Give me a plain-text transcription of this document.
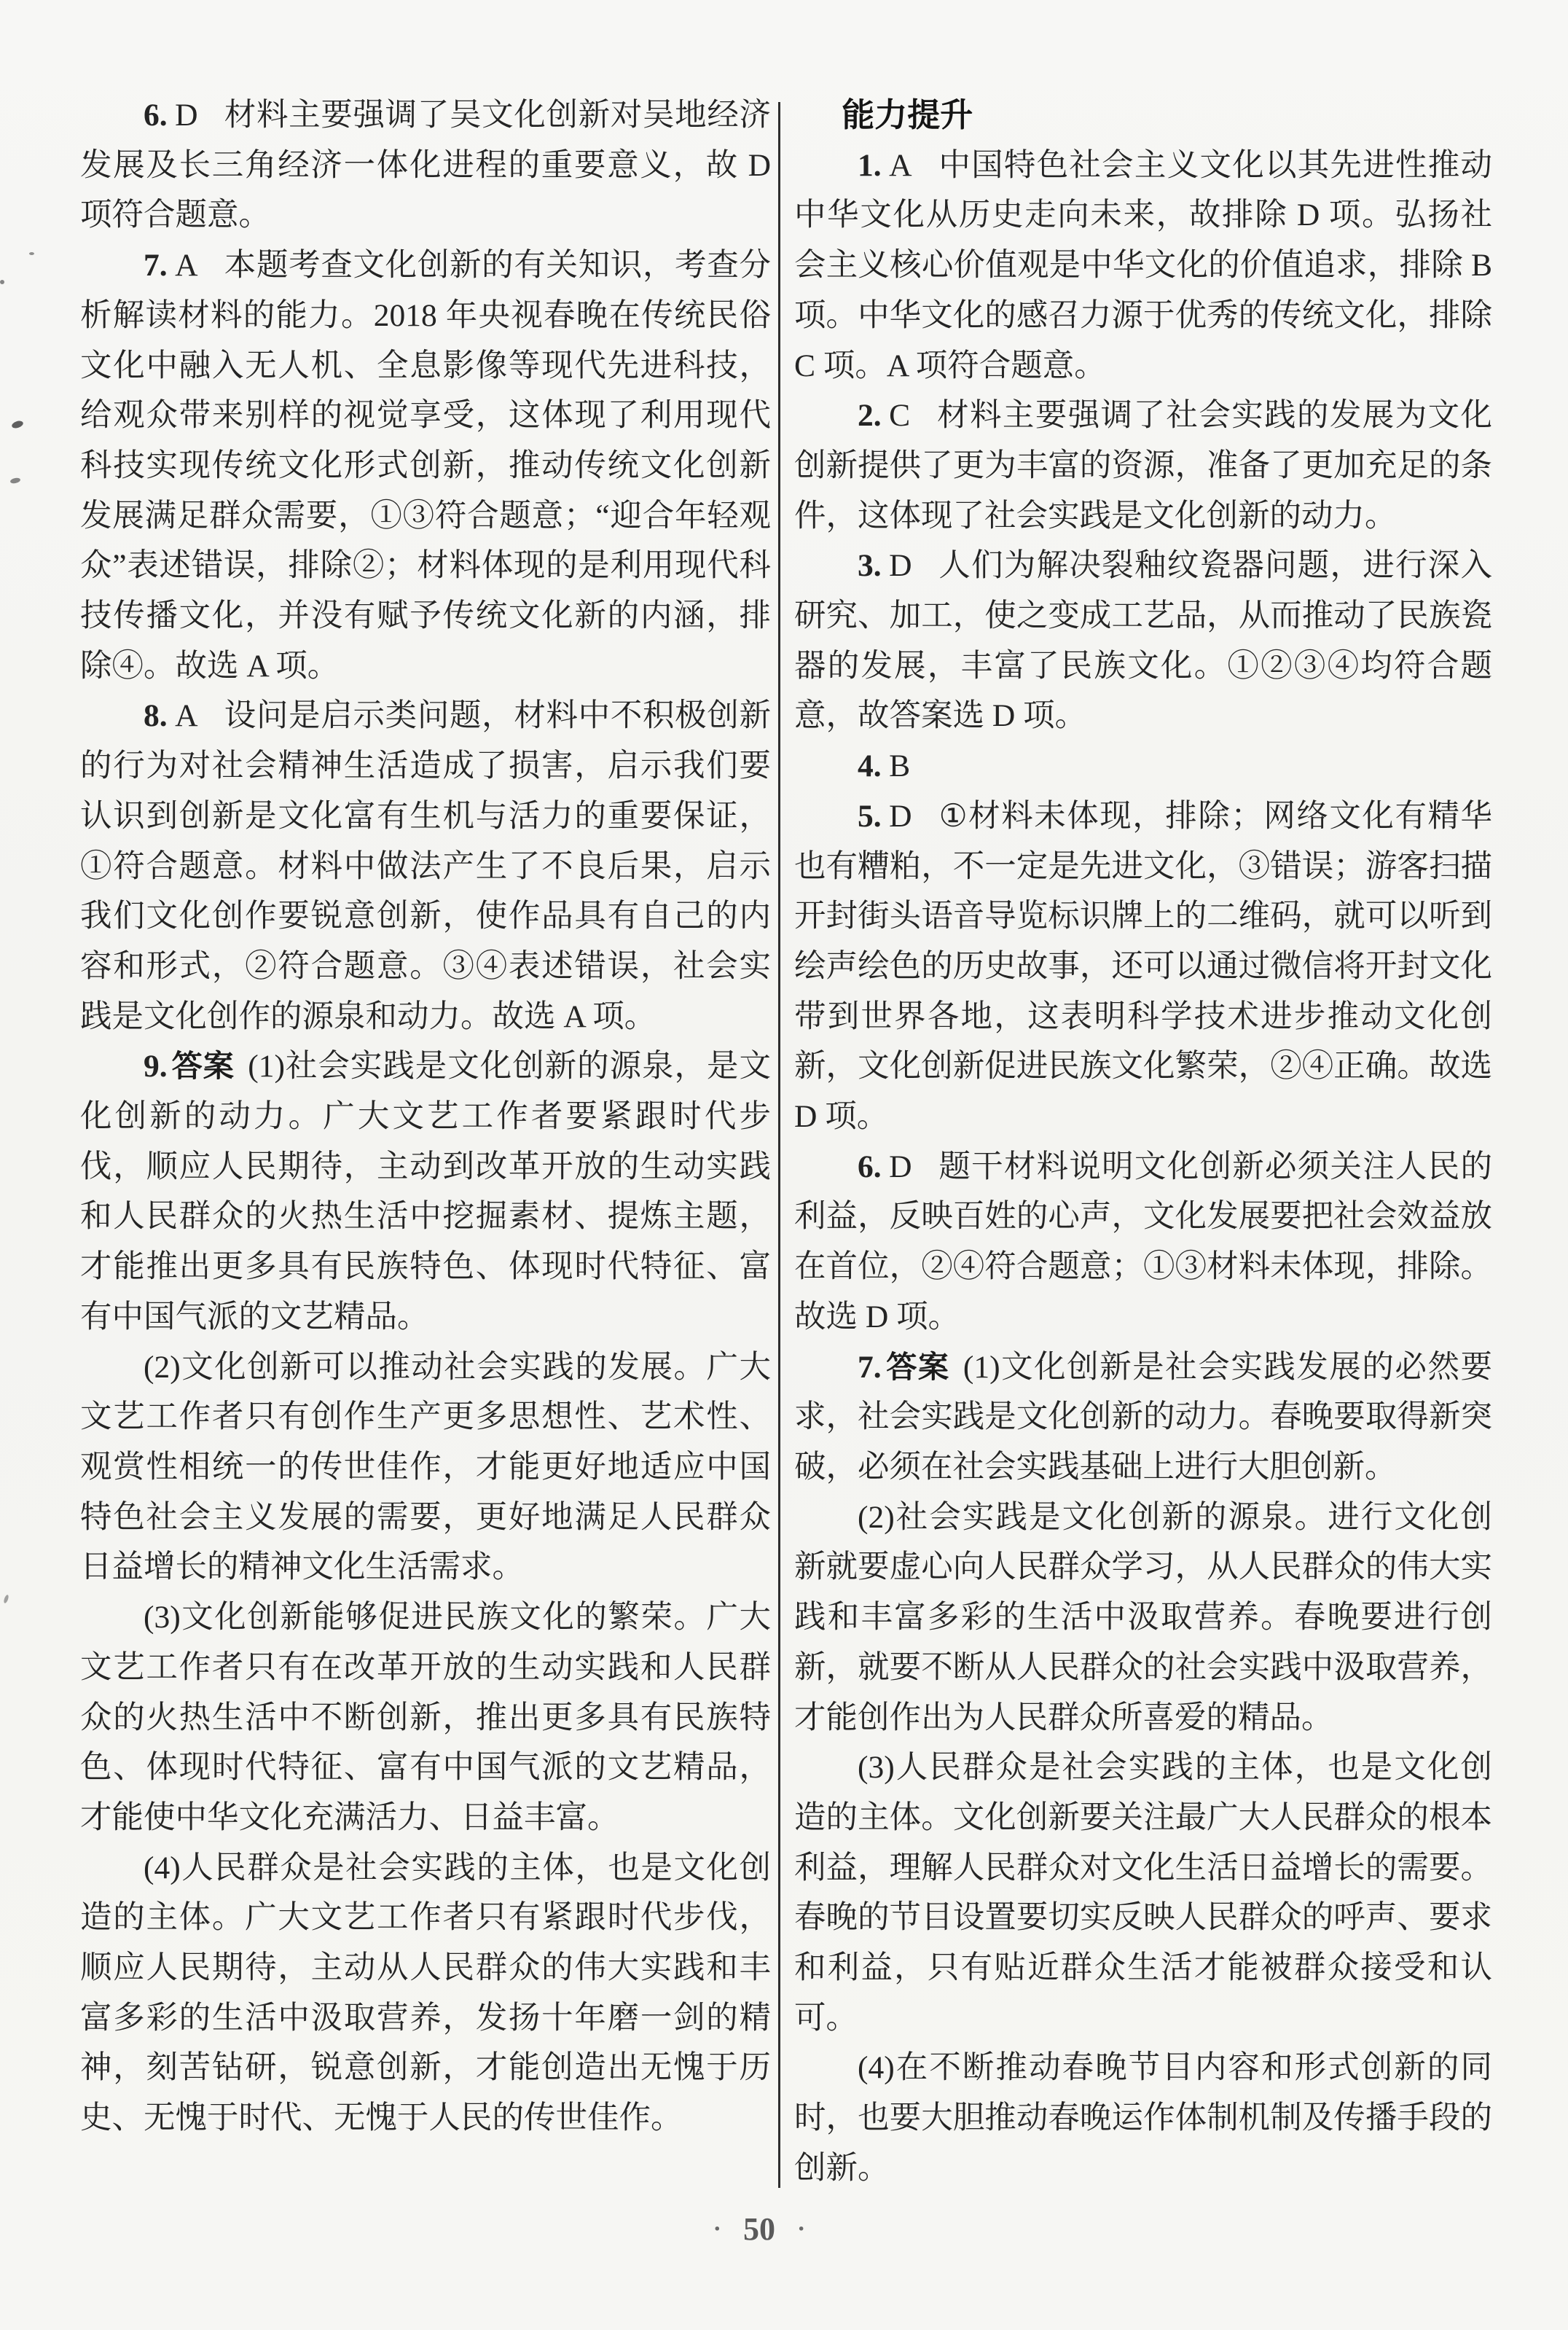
6. D 材料主要强调了吴文化创新对吴地经济发展及长三角经济一体化进程的重要意义，故 D 项符合题意。

7. A 本题考查文化创新的有关知识，考查分析解读材料的能力。2018 年央视春晚在传统民俗文化中融入无人机、全息影像等现代先进科技，给观众带来别样的视觉享受，这体现了利用现代科技实现传统文化形式创新，推动传统文化创新发展满足群众需要，①③符合题意；“迎合年轻观众”表述错误，排除②；材料体现的是利用现代科技传播文化，并没有赋予传统文化新的内涵，排除④。故选 A 项。

8. A 设问是启示类问题，材料中不积极创新的行为对社会精神生活造成了损害，启示我们要认识到创新是文化富有生机与活力的重要保证，①符合题意。材料中做法产生了不良后果，启示我们文化创作要锐意创新，使作品具有自己的内容和形式，②符合题意。③④表述错误，社会实践是文化创作的源泉和动力。故选 A 项。

9. 答案 (1)社会实践是文化创新的源泉，是文化创新的动力。广大文艺工作者要紧跟时代步伐，顺应人民期待，主动到改革开放的生动实践和人民群众的火热生活中挖掘素材、提炼主题，才能推出更多具有民族特色、体现时代特征、富有中国气派的文艺精品。

(2)文化创新可以推动社会实践的发展。广大文艺工作者只有创作生产更多思想性、艺术性、观赏性相统一的传世佳作，才能更好地适应中国特色社会主义发展的需要，更好地满足人民群众日益增长的精神文化生活需求。

(3)文化创新能够促进民族文化的繁荣。广大文艺工作者只有在改革开放的生动实践和人民群众的火热生活中不断创新，推出更多具有民族特色、体现时代特征、富有中国气派的文艺精品，才能使中华文化充满活力、日益丰富。

(4)人民群众是社会实践的主体，也是文化创造的主体。广大文艺工作者只有紧跟时代步伐，顺应人民期待，主动从人民群众的伟大实践和丰富多彩的生活中汲取营养，发扬十年磨一剑的精神，刻苦钻研，锐意创新，才能创造出无愧于历史、无愧于时代、无愧于人民的传世佳作。

能力提升

1. A 中国特色社会主义文化以其先进性推动中华文化从历史走向未来，故排除 D 项。弘扬社会主义核心价值观是中华文化的价值追求，排除 B 项。中华文化的感召力源于优秀的传统文化，排除 C 项。A 项符合题意。

2. C 材料主要强调了社会实践的发展为文化创新提供了更为丰富的资源，准备了更加充足的条件，这体现了社会实践是文化创新的动力。

3. D 人们为解决裂釉纹瓷器问题，进行深入研究、加工，使之变成工艺品，从而推动了民族瓷器的发展，丰富了民族文化。①②③④均符合题意，故答案选 D 项。

4. B

5. D ①材料未体现，排除；网络文化有精华也有糟粕，不一定是先进文化，③错误；游客扫描开封街头语音导览标识牌上的二维码，就可以听到绘声绘色的历史故事，还可以通过微信将开封文化带到世界各地，这表明科学技术进步推动文化创新，文化创新促进民族文化繁荣，②④正确。故选 D 项。

6. D 题干材料说明文化创新必须关注人民的利益，反映百姓的心声，文化发展要把社会效益放在首位，②④符合题意；①③材料未体现，排除。故选 D 项。

7. 答案 (1)文化创新是社会实践发展的必然要求，社会实践是文化创新的动力。春晚要取得新突破，必须在社会实践基础上进行大胆创新。

(2)社会实践是文化创新的源泉。进行文化创新就要虚心向人民群众学习，从人民群众的伟大实践和丰富多彩的生活中汲取营养。春晚要进行创新，就要不断从人民群众的社会实践中汲取营养，才能创作出为人民群众所喜爱的精品。

(3)人民群众是社会实践的主体，也是文化创造的主体。文化创新要关注最广大人民群众的根本利益，理解人民群众对文化生活日益增长的需要。春晚的节目设置要切实反映人民群众的呼声、要求和利益，只有贴近群众生活才能被群众接受和认可。

(4)在不断推动春晚节目内容和形式创新的同时，也要大胆推动春晚运作体制机制及传播手段的创新。

· 50 ·
